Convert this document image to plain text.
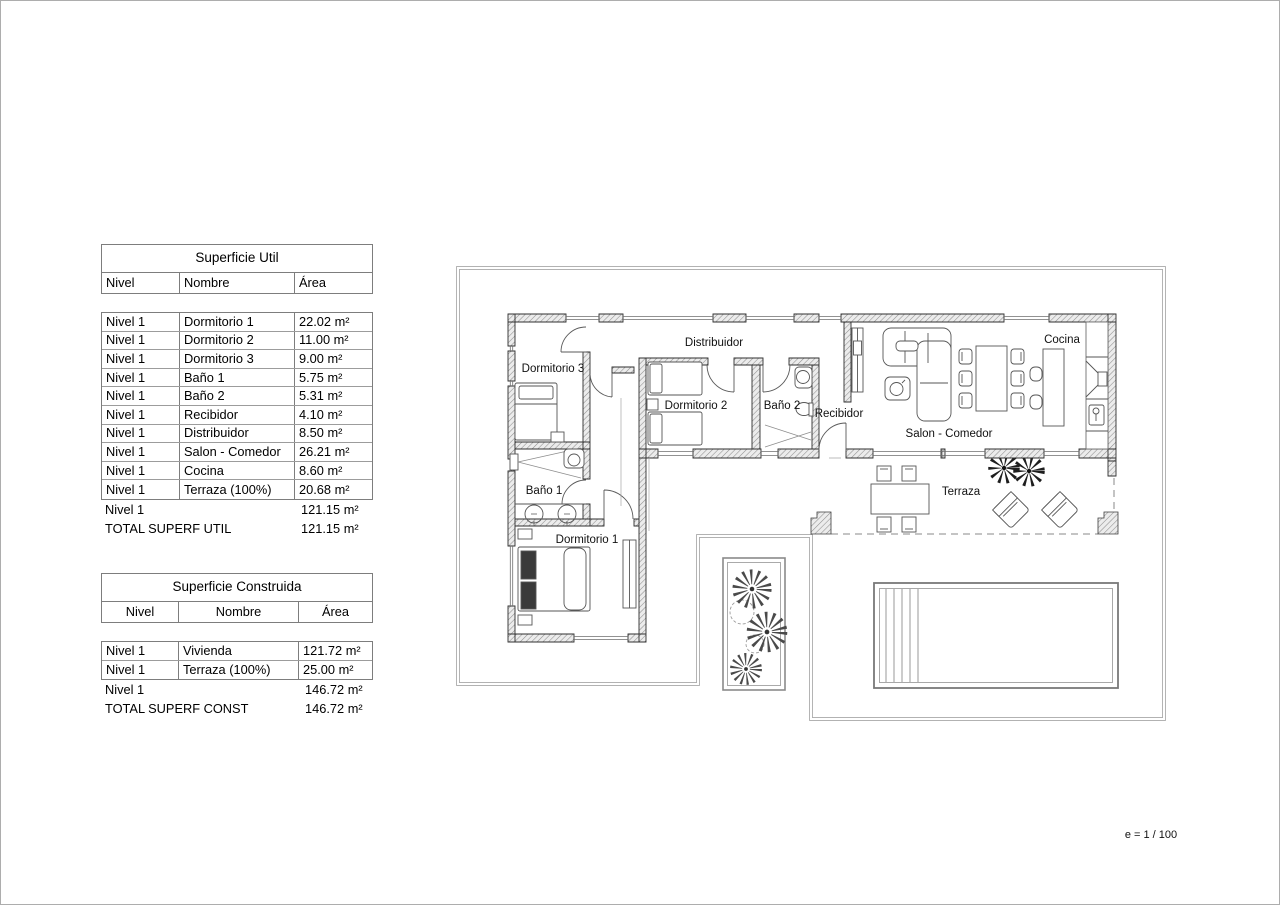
Superficie Util
Nivel	Nombre	Área
Nivel 1	Dormitorio 1	22.02 m²
Nivel 1	Dormitorio 2	11.00 m²
Nivel 1	Dormitorio 3	9.00 m²
Nivel 1	Baño 1	5.75 m²
Nivel 1	Baño 2	5.31 m²
Nivel 1	Recibidor	4.10 m²
Nivel 1	Distribuidor	8.50 m²
Nivel 1	Salon - Comedor	26.21 m²
Nivel 1	Cocina	8.60 m²
Nivel 1	Terraza (100%)	20.68 m²
Nivel 1	121.15 m²
TOTAL SUPERF UTIL	121.15 m²
Superficie Construida
Nivel	Nombre	Área
Nivel 1	Vivienda	121.72 m²
Nivel 1	Terraza (100%)	25.00 m²
Nivel 1	146.72 m²
TOTAL SUPERF CONST	146.72 m²
Dormitorio 3
Distribuidor
Dormitorio 2	Baño 2
Recibidor
Cocina
Salon - Comedor
Baño 1
Dormitorio 1
Terraza
e = 1 / 100
